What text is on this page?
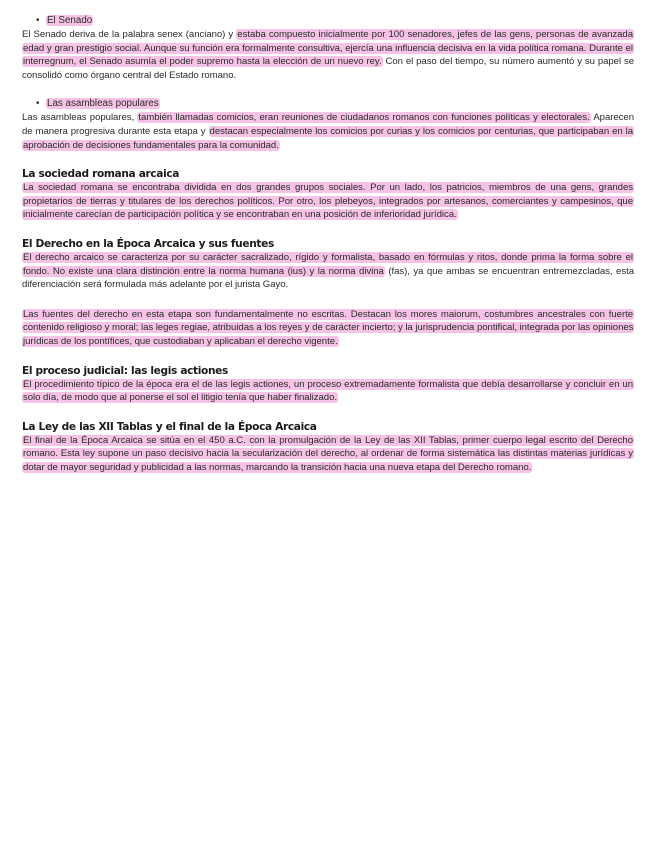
• El Senado

El Senado deriva de la palabra senex (anciano) y estaba compuesto inicialmente por 100 senadores, jefes de las gens, personas de avanzada edad y gran prestigio social. Aunque su función era formalmente consultiva, ejercía una influencia decisiva en la vida política romana. Durante el interregnum, el Senado asumía el poder supremo hasta la elección de un nuevo rey. Con el paso del tiempo, su número aumentó y su papel se consolidó como órgano central del Estado romano.

• Las asambleas populares

Las asambleas populares, también llamadas comicios, eran reuniones de ciudadanos romanos con funciones políticas y electorales. Aparecen de manera progresiva durante esta etapa y destacan especialmente los comicios por curias y los comicios por centurias, que participaban en la aprobación de decisiones fundamentales para la comunidad.

La sociedad romana arcaica

La sociedad romana se encontraba dividida en dos grandes grupos sociales. Por un lado, los patricios, miembros de una gens, grandes propietarios de tierras y titulares de los derechos políticos. Por otro, los plebeyos, integrados por artesanos, comerciantes y campesinos, que inicialmente carecían de participación política y se encontraban en una posición de inferioridad jurídica.

El Derecho en la Época Arcaica y sus fuentes

El derecho arcaico se caracteriza por su carácter sacralizado, rígido y formalista, basado en fórmulas y ritos, donde prima la forma sobre el fondo. No existe una clara distinción entre la norma humana (ius) y la norma divina (fas), ya que ambas se encuentran entremezcladas, esta diferenciación será formulada más adelante por el jurista Gayo.

Las fuentes del derecho en esta etapa son fundamentalmente no escritas. Destacan los mores maiorum, costumbres ancestrales con fuerte contenido religioso y moral; las leges regiae, atribuidas a los reyes y de carácter incierto; y la jurisprudencia pontifical, integrada por las opiniones jurídicas de los pontífices, que custodiaban y aplicaban el derecho vigente.

El proceso judicial: las legis actiones

El procedimiento típico de la época era el de las legis actiones, un proceso extremadamente formalista que debía desarrollarse y concluir en un solo día, de modo que al ponerse el sol el litigio tenía que haber finalizado.

La Ley de las XII Tablas y el final de la Época Arcaica

El final de la Época Arcaica se sitúa en el 450 a.C. con la promulgación de la Ley de las XII Tablas, primer cuerpo legal escrito del Derecho romano. Esta ley supone un paso decisivo hacia la secularización del derecho, al ordenar de forma sistemática las distintas materias jurídicas y dotar de mayor seguridad y publicidad a las normas, marcando la transición hacia una nueva etapa del Derecho romano.
